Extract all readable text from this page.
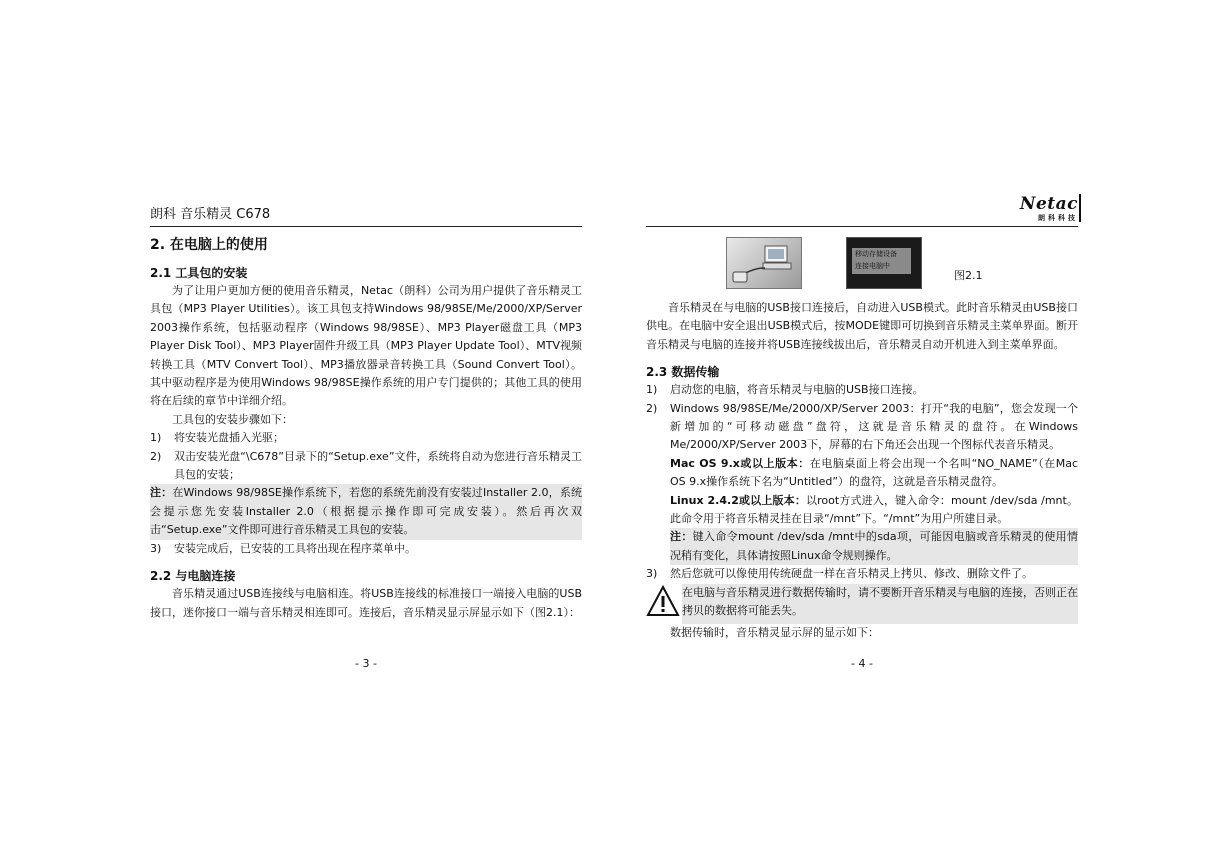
朗科 音乐精灵 C678
2. 在电脑上的使用
2.1 工具包的安装

为了让用户更加方便的使用音乐精灵，Netac（朗科）公司为用户提供了音乐精灵工具包（MP3 Player Utilities）。该工具包支持Windows 98/98SE/Me/2000/XP/Server 2003操作系统，包括驱动程序（Windows 98/98SE）、MP3 Player磁盘工具（MP3 Player Disk Tool）、MP3 Player固件升级工具（MP3 Player Update Tool）、MTV视频转换工具（MTV Convert Tool）、MP3播放器录音转换工具（Sound Convert Tool）。其中驱动程序是为使用Windows 98/98SE操作系统的用户专门提供的；其他工具的使用将在后续的章节中详细介绍。

工具包的安装步骤如下：

1)	将安装光盘插入光驱；
2)	双击安装光盘“\C678”目录下的“Setup.exe”文件，系统将自动为您进行音乐精灵工具包的安装；

注：在Windows 98/98SE操作系统下，若您的系统先前没有安装过Installer 2.0，系统会提示您先安装Installer 2.0（根据提示操作即可完成安装）。然后再次双击“Setup.exe”文件即可进行音乐精灵工具包的安装。

3)	安装完成后，已安装的工具将出现在程序菜单中。
2.2 与电脑连接

音乐精灵通过USB连接线与电脑相连。将USB连接线的标准接口一端接入电脑的USB接口，迷你接口一端与音乐精灵相连即可。连接后，音乐精灵显示屏显示如下（图2.1）：

- 3 -
Netac
朗科科技
移动存储设备
连接电脑中
图2.1

音乐精灵在与电脑的USB接口连接后，自动进入USB模式。此时音乐精灵由USB接口供电。在电脑中安全退出USB模式后，按MODE键即可切换到音乐精灵主菜单界面。断开音乐精灵与电脑的连接并将USB连接线拔出后，音乐精灵自动开机进入到主菜单界面。

2.3 数据传输
1)	启动您的电脑，将音乐精灵与电脑的USB接口连接。
2)	Windows 98/98SE/Me/2000/XP/Server 2003：打开“我的电脑”，您会发现一个新增加的“可移动磁盘”盘符，这就是音乐精灵的盘符。在Windows Me/2000/XP/Server 2003下，屏幕的右下角还会出现一个图标代表音乐精灵。
Mac OS 9.x或以上版本：在电脑桌面上将会出现一个名叫“NO_NAME”（在Mac OS 9.x操作系统下名为“Untitled”）的盘符，这就是音乐精灵盘符。
Linux 2.4.2或以上版本：以root方式进入，键入命令：mount /dev/sda /mnt。此命令用于将音乐精灵挂在目录“/mnt”下。“/mnt”为用户所建目录。
注：键入命令mount /dev/sda /mnt中的sda项，可能因电脑或音乐精灵的使用情况稍有变化，具体请按照Linux命令规则操作。
3)	然后您就可以像使用传统硬盘一样在音乐精灵上拷贝、修改、删除文件了。
在电脑与音乐精灵进行数据传输时，请不要断开音乐精灵与电脑的连接，否则正在拷贝的数据将可能丢失。

数据传输时，音乐精灵显示屏的显示如下：

- 4 -
